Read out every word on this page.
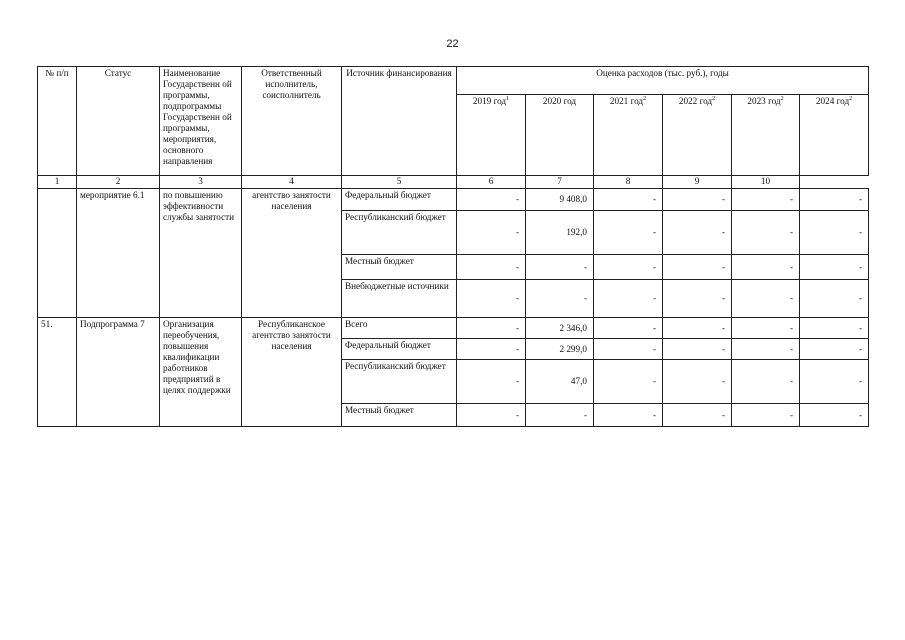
22
№ п/п	Статус	Наименование Государственн ой программы, подпрограммы Государственн ой программы, мероприятия, основного направления	Ответственный исполнитель, соисполнитель	Источник финансирования	Оценка расходов (тыс. руб.), годы					
					2019 год$^1$	2020 год	2021 год$^2$	2022 год$^2$	2023 год$^2$	2024 год$^2$
1	2	3	4	5	6	7	8	9	10	
	мероприятие 6.1	по повышению эффективности службы занятости	агентство занятости населения	Федеральный бюджет	-	9 408,0	-	-	-	-
				Республиканский бюджет	-	192,0	-	-	-	-
				Местный бюджет	-	-	-	-	-	-
				Внебюджетные источники	-	-	-	-	-	-
51.	Подпрограмма 7	Организация переобучения, повышения квалификации работников предприятий в целях поддержки	Республиканское агентство занятости населения	Всего	-	2 346,0	-	-	-	-
				Федеральный бюджет	-	2 299,0	-	-	-	-
				Республиканский бюджет	-	47,0	-	-	-	-
				Местный бюджет	-	-	-	-	-	-
